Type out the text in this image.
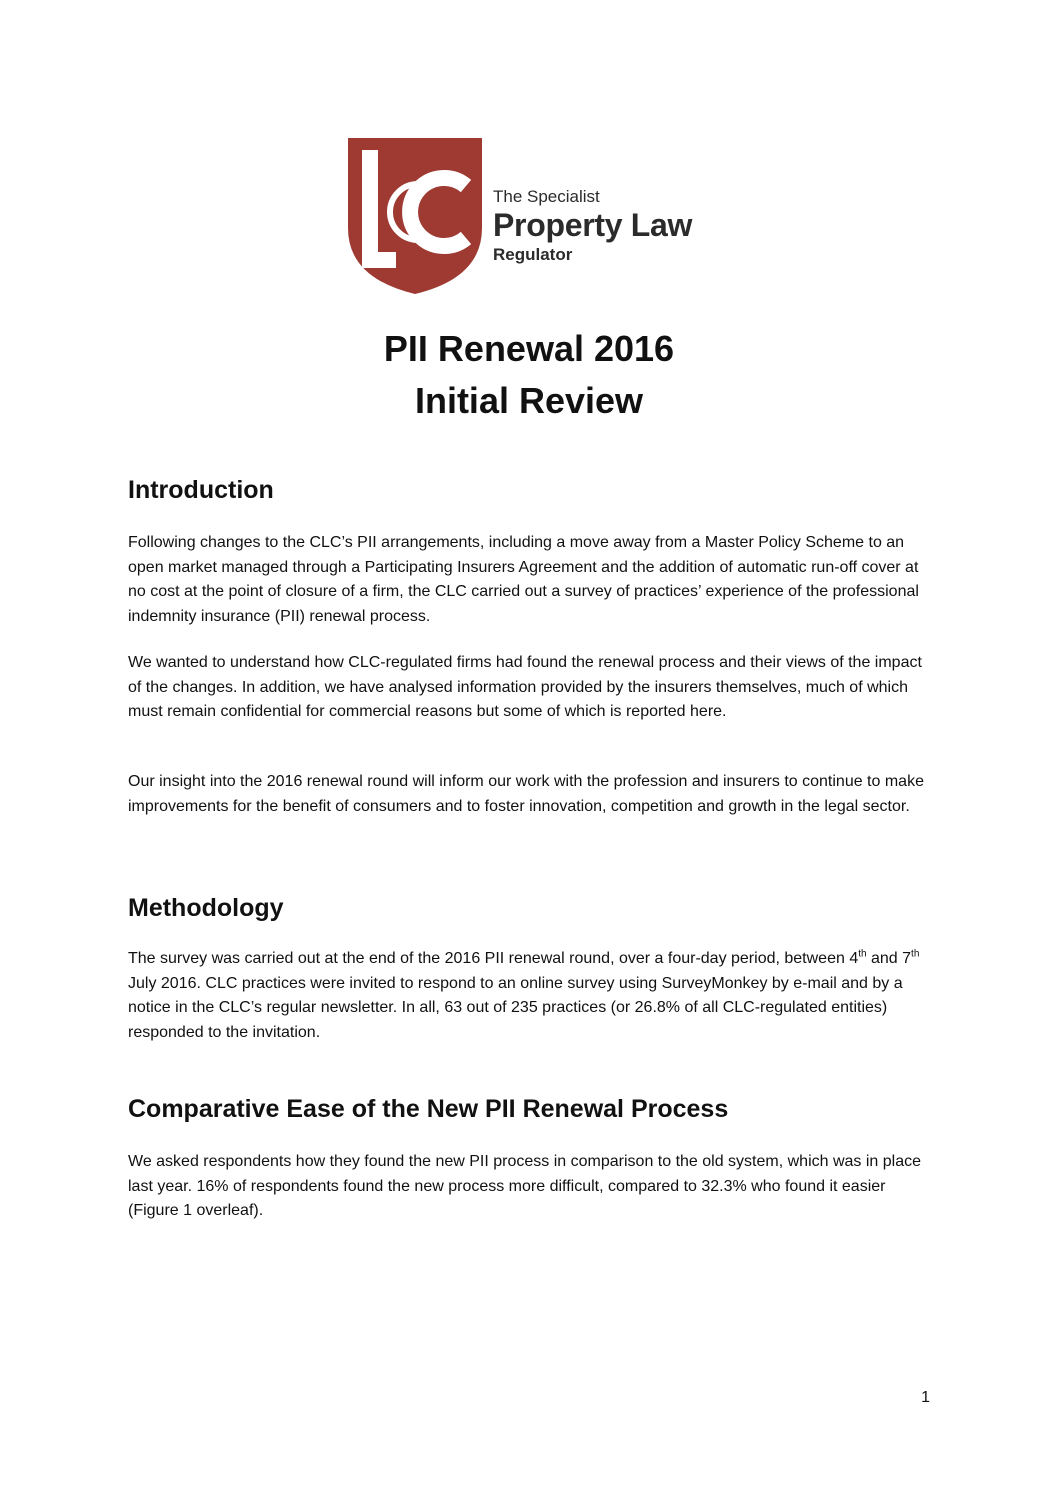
The Specialist
Property Law
Regulator
PII Renewal 2016
Initial Review
Introduction

Following changes to the CLC’s PII arrangements, including a move away from a Master Policy Scheme to an open market managed through a Participating Insurers Agreement and the addition of automatic run-off cover at no cost at the point of closure of a firm, the CLC carried out a survey of practices’ experience of the professional indemnity insurance (PII) renewal process.

We wanted to understand how CLC-regulated firms had found the renewal process and their views of the impact of the changes. In addition, we have analysed information provided by the insurers themselves, much of which must remain confidential for commercial reasons but some of which is reported here.

Our insight into the 2016 renewal round will inform our work with the profession and insurers to continue to make improvements for the benefit of consumers and to foster innovation, competition and growth in the legal sector.

Methodology

The survey was carried out at the end of the 2016 PII renewal round, over a four-day period, between 4th and 7th July 2016. CLC practices were invited to respond to an online survey using SurveyMonkey by e-mail and by a notice in the CLC’s regular newsletter. In all, 63 out of 235 practices (or 26.8% of all CLC-regulated entities) responded to the invitation.

Comparative Ease of the New PII Renewal Process

We asked respondents how they found the new PII process in comparison to the old system, which was in place last year. 16% of respondents found the new process more difficult, compared to 32.3% who found it easier (Figure 1 overleaf).

1
